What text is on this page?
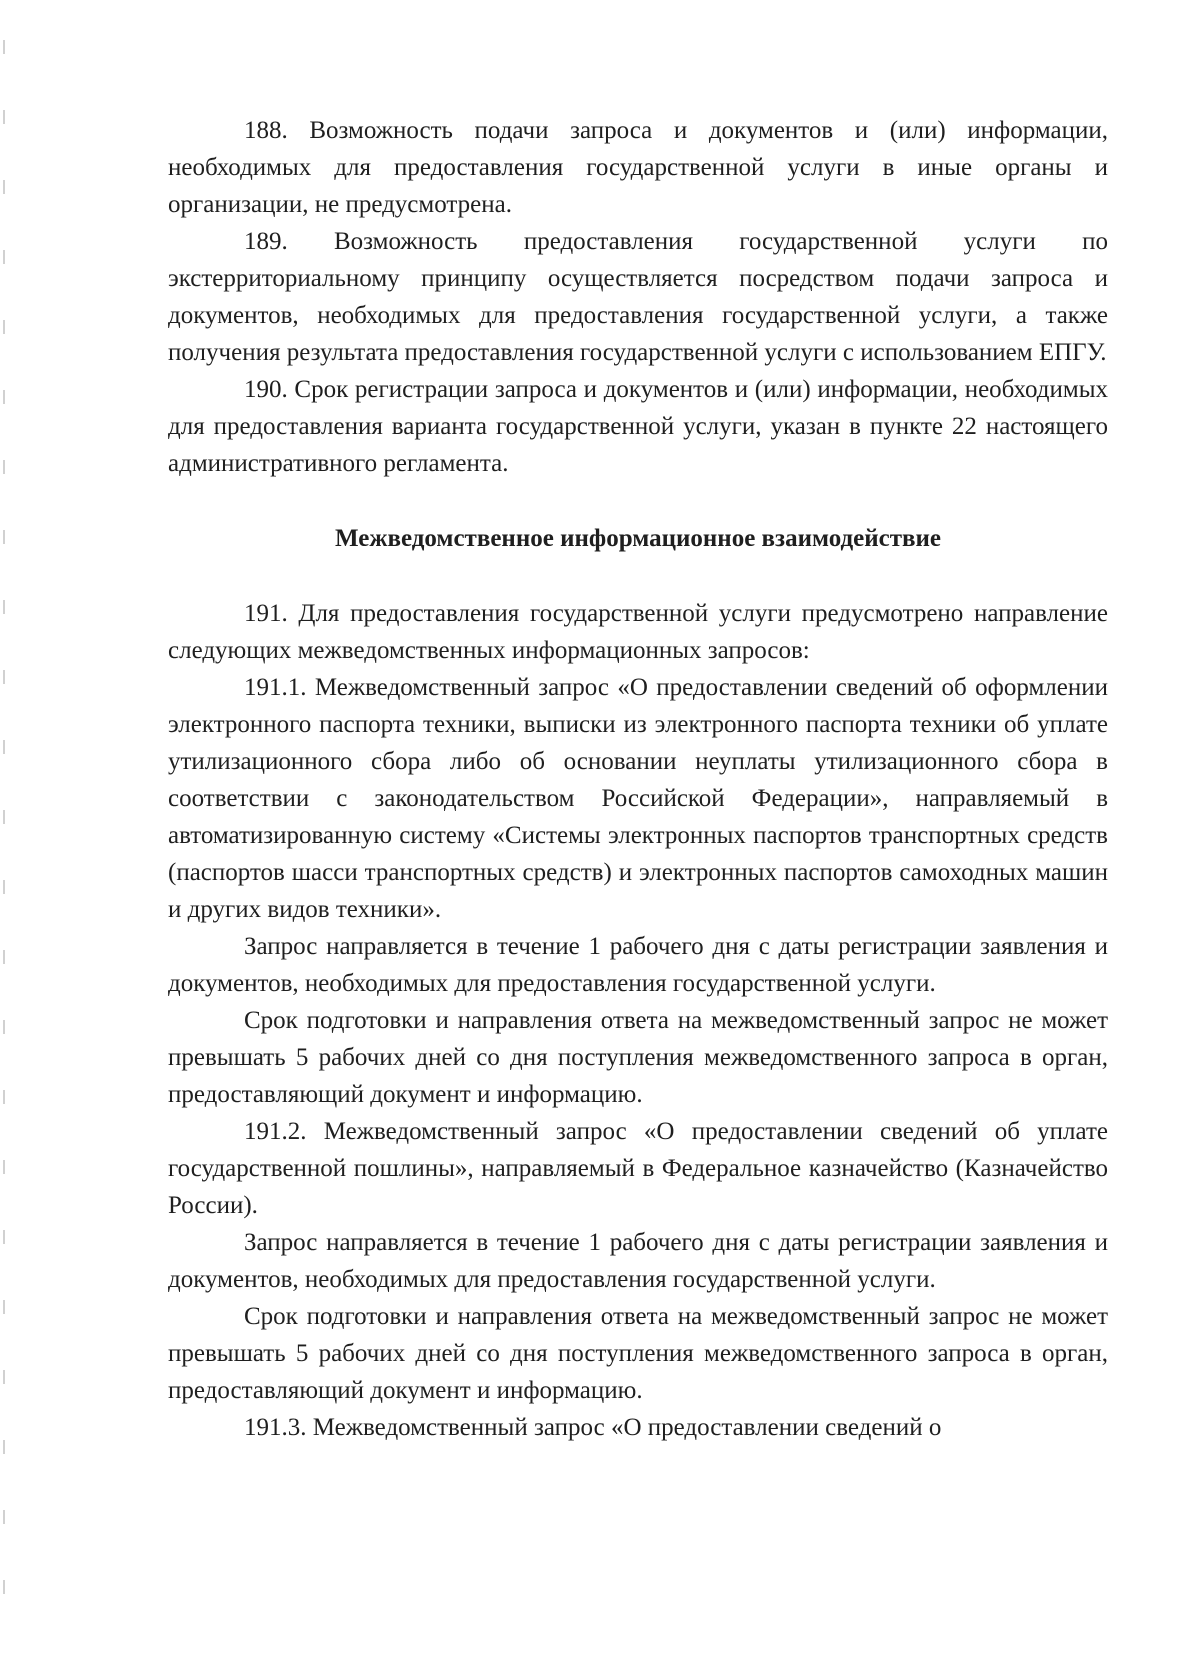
188. Возможность подачи запроса и документов и (или) информации, необходимых для предоставления государственной услуги в иные органы и организации, не предусмотрена.

189. Возможность предоставления государственной услуги по экстерриториальному принципу осуществляется посредством подачи запроса и документов, необходимых для предоставления государственной услуги, а также получения результата предоставления государственной услуги с использованием ЕПГУ.

190. Срок регистрации запроса и документов и (или) информации, необходимых для предоставления варианта государственной услуги, указан в пункте 22 настоящего административного регламента.

Межведомственное информационное взаимодействие

191. Для предоставления государственной услуги предусмотрено направление следующих межведомственных информационных запросов:

191.1. Межведомственный запрос «О предоставлении сведений об оформлении электронного паспорта техники, выписки из электронного паспорта техники об уплате утилизационного сбора либо об основании неуплаты утилизационного сбора в соответствии с законодательством Российской Федерации», направляемый в автоматизированную систему «Системы электронных паспортов транспортных средств (паспортов шасси транспортных средств) и электронных паспортов самоходных машин и других видов техники».

Запрос направляется в течение 1 рабочего дня с даты регистрации заявления и документов, необходимых для предоставления государственной услуги.

Срок подготовки и направления ответа на межведомственный запрос не может превышать 5 рабочих дней со дня поступления межведомственного запроса в орган, предоставляющий документ и информацию.

191.2. Межведомственный запрос «О предоставлении сведений об уплате государственной пошлины», направляемый в Федеральное казначейство (Казначейство России).

Запрос направляется в течение 1 рабочего дня с даты регистрации заявления и документов, необходимых для предоставления государственной услуги.

Срок подготовки и направления ответа на межведомственный запрос не может превышать 5 рабочих дней со дня поступления межведомственного запроса в орган, предоставляющий документ и информацию.

191.3. Межведомственный запрос «О предоставлении сведений о
